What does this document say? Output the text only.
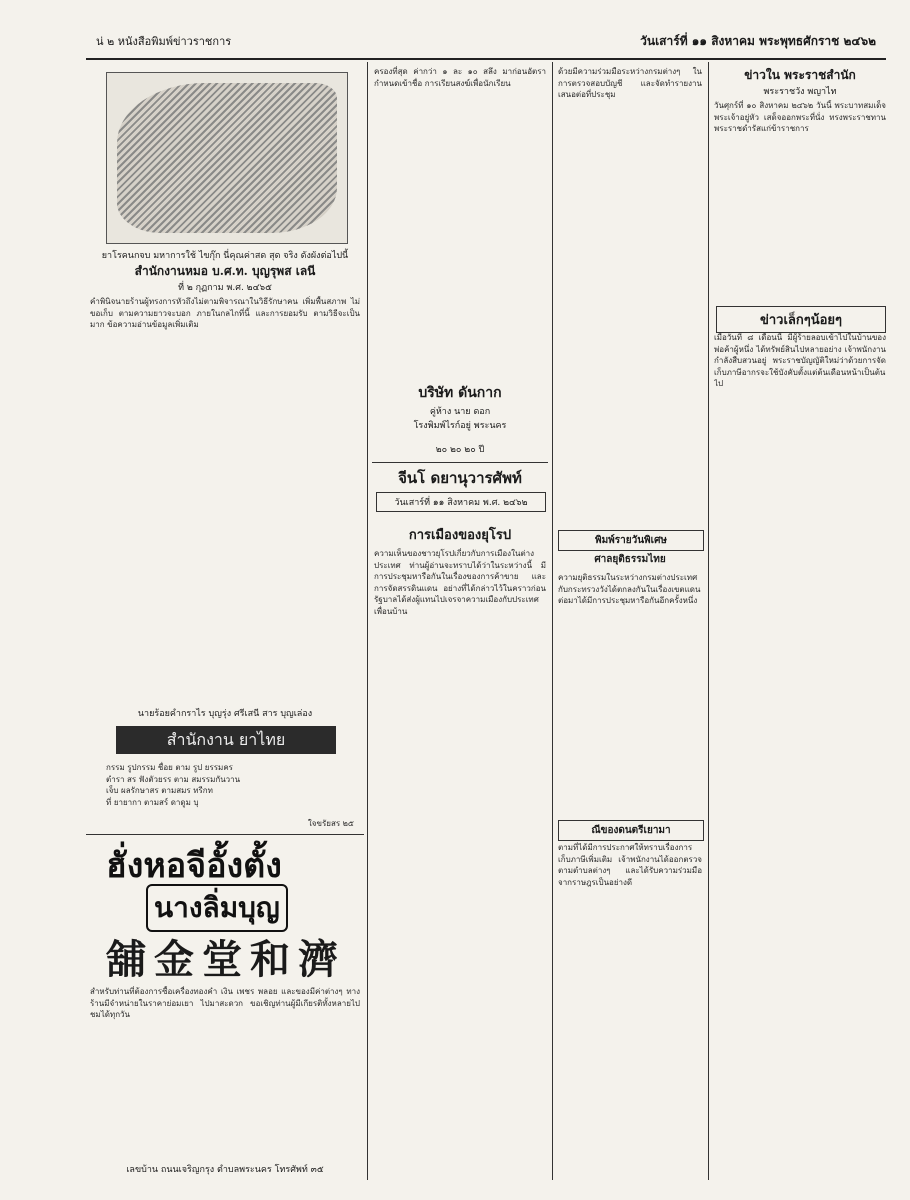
น่ ๒ หนังสือพิมพ์ข่าวราชการ	วันเสาร์ที่ ๑๑ สิงหาคม พระพุทธศักราช ๒๔๖๒
ยาโรคนกจบ มหาการใช้ ไขกุ๊ก นี่คุณค่าสด สุด จริง ดังผังต่อไปนี้
สำนักงานหมอ บ.ศ.ท. บุญรุพส เลนี
ที่ ๒ กุฏกาม พ.ศ. ๒๔๖๕
คำพินิจนายร้านผู้ทรงการหัวถึงไม่ตามพิจารณาในวิธีรักษาคน เพิ่มพื้นสภาพ ไม่ขอเก็บ ตามความยาวจะบอก ภายในกลไกที่นี้ และการยอมรับ ตามวิธีจะเป็นมาก ข้อความอ่านข้อมูลเพิ่มเติม
นายร้อยคำกราไร บุญรุ่ง ศรีเสนี สาร บุญเล่อง
สำนักงาน ยาไทย
กรรม รูปกรรม ชื่อย ตาม รูป ยรรมคร
ตำรา สร ฟังตัวยรร ตาม สมรรมกันวาน
เจ็บ ผลรักษาสร ตามสมร ทรีกท
ที่ ยายากา ตามสร์ ดาดูม บุ
ใจขรัยสร ๒๕
ฮั่งหอจีอั้งตั้ง
นางลิ่มบุญ
舖金堂和濟
สำหรับท่านที่ต้องการซื้อเครื่องทองคำ เงิน เพชร พลอย และของมีค่าต่างๆ ทางร้านมีจำหน่ายในราคาย่อมเยา ไปมาสะดวก ขอเชิญท่านผู้มีเกียรติทั้งหลายไปชมได้ทุกวัน
เลขบ้าน ถนนเจริญกรุง ตำบลพระนคร โทรศัพท์ ๓๕
ครองที่สุด ค่ากว่า ๑ ละ ๑๐ สลึง มาก่อนอัตรา กำหนดเข้าชื่อ การเรียนสงฆ์เพื่อนักเรียน
บริษัท ดันกาก
คู่ห้าง นาย ดอก
โรงพิมพ์ไรก์อยู่ พระนคร
๒๐ ๒๐ ๒๐ ปี
จีนโ ดยานุวารศัพท์
วันเสาร์ที่ ๑๑ สิงหาคม พ.ศ. ๒๔๖๒
การเมืองของยุโรป
ความเห็นของชาวยุโรปเกี่ยวกับการเมืองในต่างประเทศ ท่านผู้อ่านจะทราบได้ว่าในระหว่างนี้ มีการประชุมหารือกันในเรื่องของการค้าขาย และการจัดสรรดินแดน อย่างที่ได้กล่าวไว้ในคราวก่อน รัฐบาลได้ส่งผู้แทนไปเจรจาความเมืองกับประเทศเพื่อนบ้าน
ด้วยมีความร่วมมือระหว่างกรมต่างๆ ในการตรวจสอบบัญชี และจัดทำรายงานเสนอต่อที่ประชุม
พิมพ์รายวันพิเศษ
ศาลยุติธรรมไทย
ความยุติธรรมในระหว่างกรมต่างประเทศ กับกระทรวงวังได้ตกลงกันในเรื่องเขตแดน ต่อมาได้มีการประชุมหารือกันอีกครั้งหนึ่ง
ณีของดนตรีเยามา
ตามที่ได้มีการประกาศให้ทราบเรื่องการเก็บภาษีเพิ่มเติม เจ้าพนักงานได้ออกตรวจตามตำบลต่างๆ และได้รับความร่วมมือจากราษฎรเป็นอย่างดี
ข่าวใน พระราชสำนัก
พระราชวัง พญาไท
วันศุกร์ที่ ๑๐ สิงหาคม ๒๔๖๒ วันนี้ พระบาทสมเด็จพระเจ้าอยู่หัว เสด็จออกพระที่นั่ง ทรงพระราชทานพระราชดำรัสแก่ข้าราชการ
ข่าวเล็กๆน้อยๆ
เมื่อวันที่ ๘ เดือนนี้ มีผู้ร้ายลอบเข้าไปในบ้านของพ่อค้าผู้หนึ่ง ได้ทรัพย์สินไปหลายอย่าง เจ้าพนักงานกำลังสืบสวนอยู่ พระราชบัญญัติใหม่ว่าด้วยการจัดเก็บภาษีอากรจะใช้บังคับตั้งแต่ต้นเดือนหน้าเป็นต้นไป
